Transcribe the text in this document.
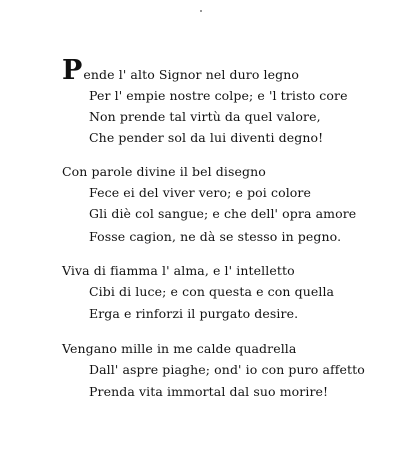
Pende l' alto Signor nel duro legno
Per l' empie nostre colpe; e 'l tristo core
Non prende tal virtù da quel valore,
Che pender sol da lui diventi degno!
Con parole divine il bel disegno
Fece ei del viver vero; e poi colore
Gli diè col sangue; e che dell' opra amore
Fosse cagion, ne dà se stesso in pegno.
Viva di fiamma l' alma, e l' intelletto
Cibi di luce; e con questa e con quella
Erga e rinforzi il purgato desire.
Vengano mille in me calde quadrella
Dall' aspre piaghe; ond' io con puro affetto
Prenda vita immortal dal suo morire!
